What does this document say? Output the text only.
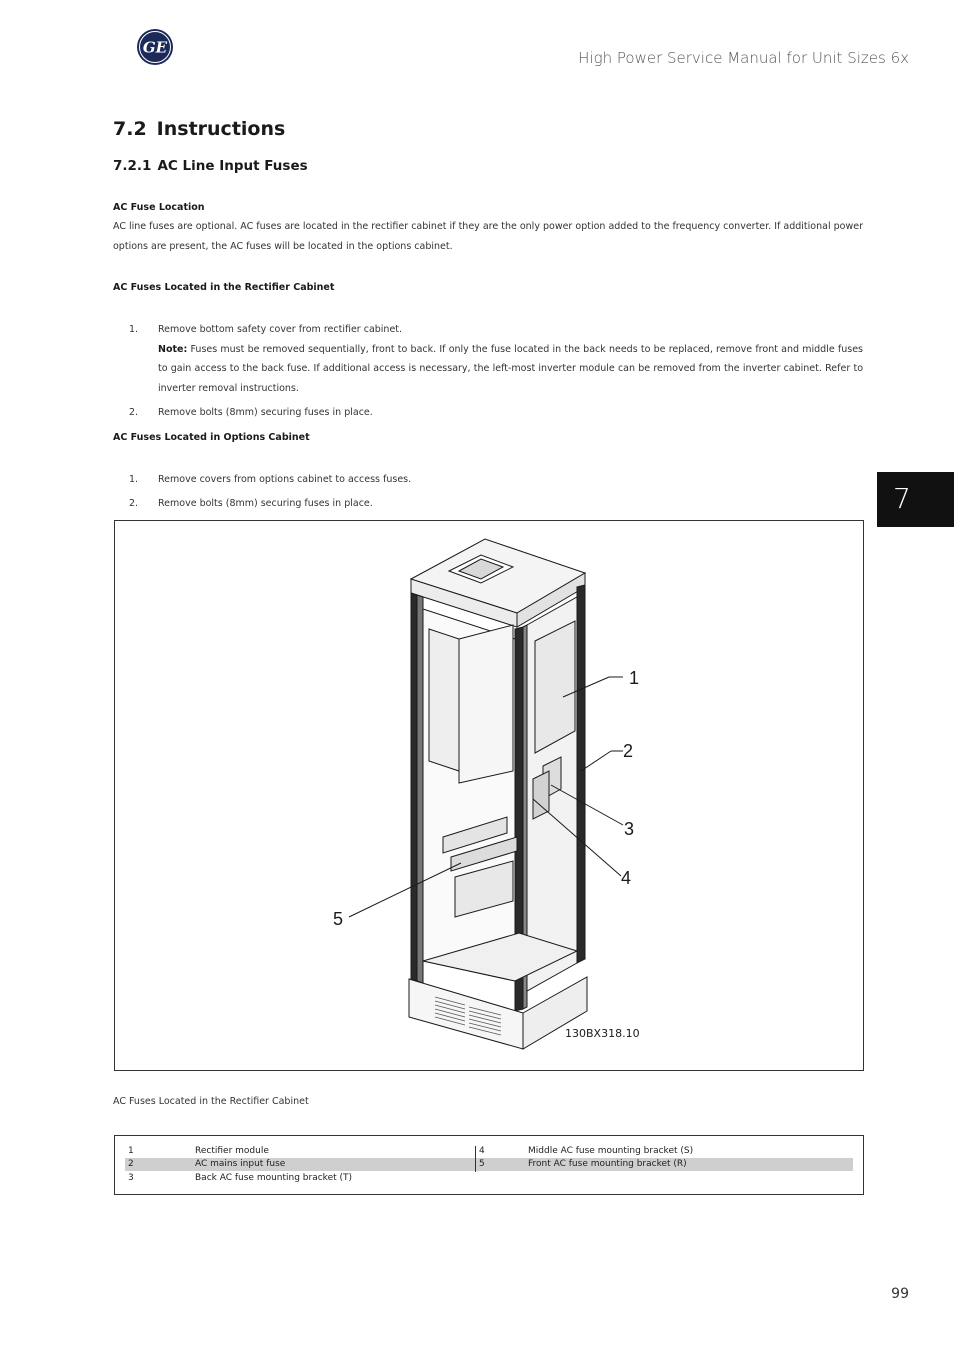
GE
High Power Service Manual for Unit Sizes 6x
7.2 Instructions
7.2.1 AC Line Input Fuses
AC Fuse Location
AC line fuses are optional. AC fuses are located in the rectifier cabinet if they are the only power option added to the frequency converter. If additional power options are present, the AC fuses will be located in the options cabinet.
AC Fuses Located in the Rectifier Cabinet
1. Remove bottom safety cover from rectifier cabinet.
Note: Fuses must be removed sequentially, front to back. If only the fuse located in the back needs to be replaced, remove front and middle fuses to gain access to the back fuse. If additional access is necessary, the left-most inverter module can be removed from the inverter cabinet. Refer to inverter removal instructions.
2. Remove bolts (8mm) securing fuses in place.
AC Fuses Located in Options Cabinet
1. Remove covers from options cabinet to access fuses.
2. Remove bolts (8mm) securing fuses in place.	7
1
2
3
4
5
130BX318.10
AC Fuses Located in the Rectifier Cabinet
1	Rectifier module
2	AC mains input fuse
3	Back AC fuse mounting bracket (T)
4	Middle AC fuse mounting bracket (S)
5	Front AC fuse mounting bracket (R)
99
